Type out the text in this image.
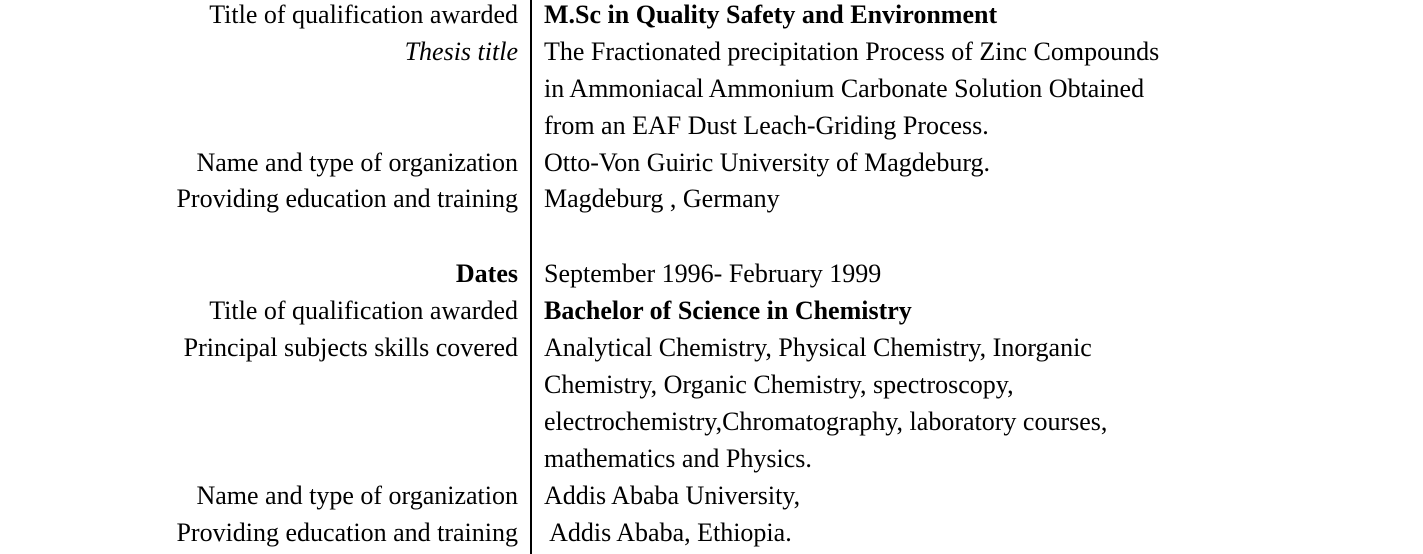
Title of qualification awarded M.Sc in Quality Safety and Environment
Thesis title The Fractionated precipitation Process of Zinc Compounds
in Ammoniacal Ammonium Carbonate Solution Obtained
from an EAF Dust Leach-Griding Process.
Name and type of organization Otto-Von Guiric University of Magdeburg.
Providing education and training Magdeburg , Germany
Dates September 1996- February 1999
Title of qualification awarded Bachelor of Science in Chemistry
Principal subjects skills covered Analytical Chemistry, Physical Chemistry, Inorganic
Chemistry, Organic Chemistry, spectroscopy,
electrochemistry,Chromatography, laboratory courses,
mathematics and Physics.
Name and type of organization Addis Ababa University,
Providing education and training Addis Ababa, Ethiopia.
